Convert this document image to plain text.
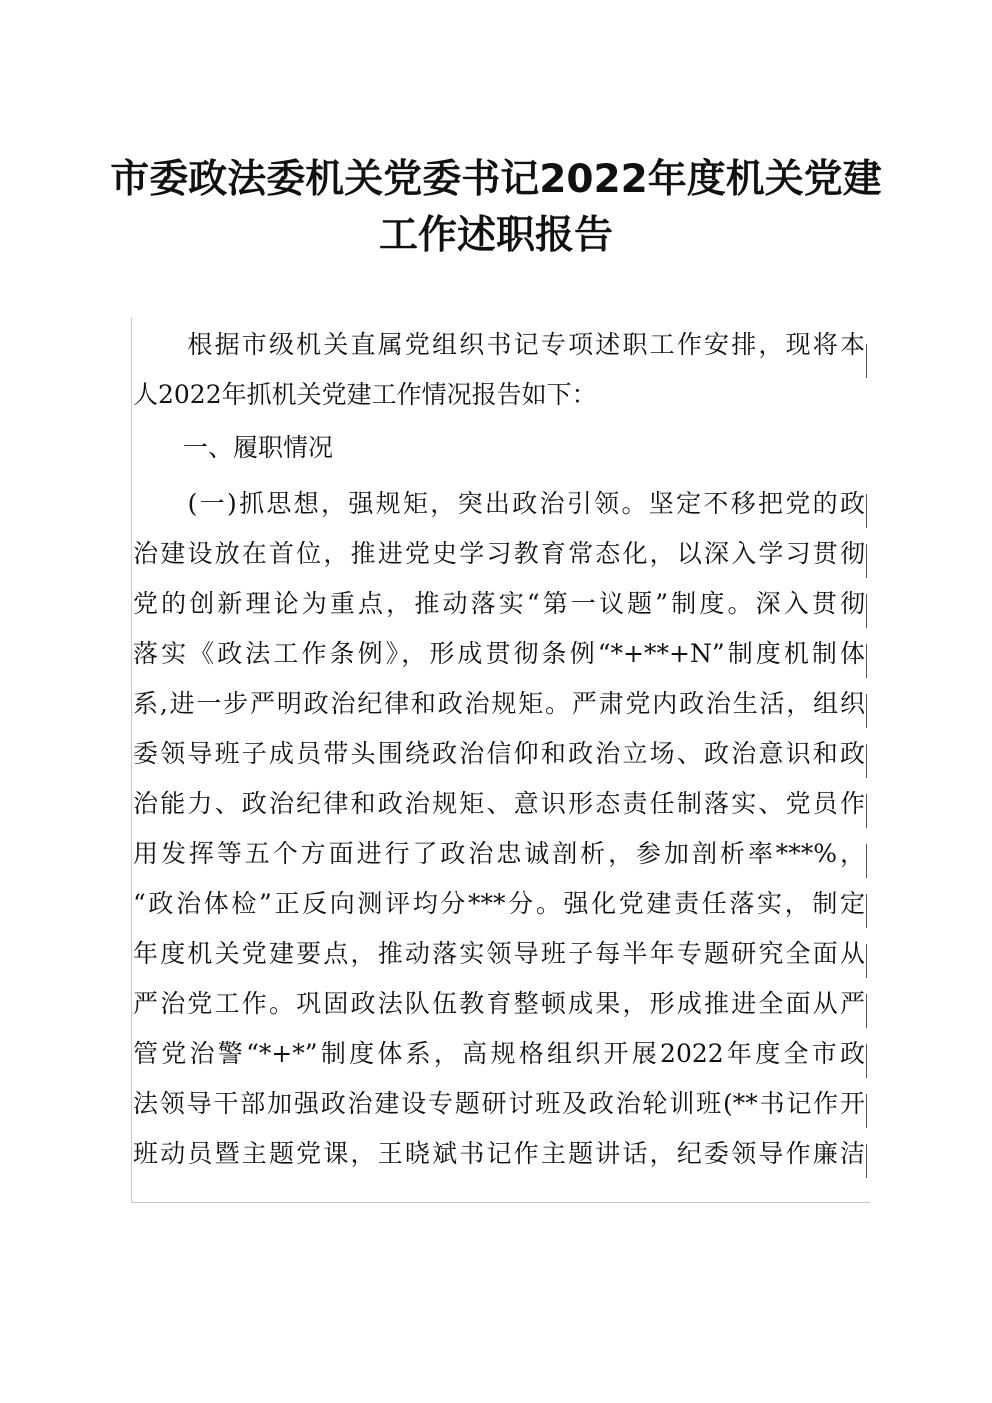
市委政法委机关党委书记2022年度机关党建
工作述职报告
　　根据市级机关直属党组织书记专项述职工作安排，现将本
人2022年抓机关党建工作情况报告如下：
　　一、履职情况
　　(一)抓思想，强规矩，突出政治引领。坚定不移把党的政
治建设放在首位，推进党史学习教育常态化，以深入学习贯彻
党的创新理论为重点，推动落实“第一议题”制度。深入贯彻
落实《政法工作条例》，形成贯彻条例“*+**+N”制度机制体
系,进一步严明政治纪律和政治规矩。严肃党内政治生活，组织
委领导班子成员带头围绕政治信仰和政治立场、政治意识和政
治能力、政治纪律和政治规矩、意识形态责任制落实、党员作
用发挥等五个方面进行了政治忠诚剖析，参加剖析率***%，
“政治体检”正反向测评均分***分。强化党建责任落实，制定
年度机关党建要点，推动落实领导班子每半年专题研究全面从
严治党工作。巩固政法队伍教育整顿成果，形成推进全面从严
管党治警“*+*”制度体系，高规格组织开展2022年度全市政
法领导干部加强政治建设专题研讨班及政治轮训班(**书记作开
班动员暨主题党课，王晓斌书记作主题讲话，纪委领导作廉洁
